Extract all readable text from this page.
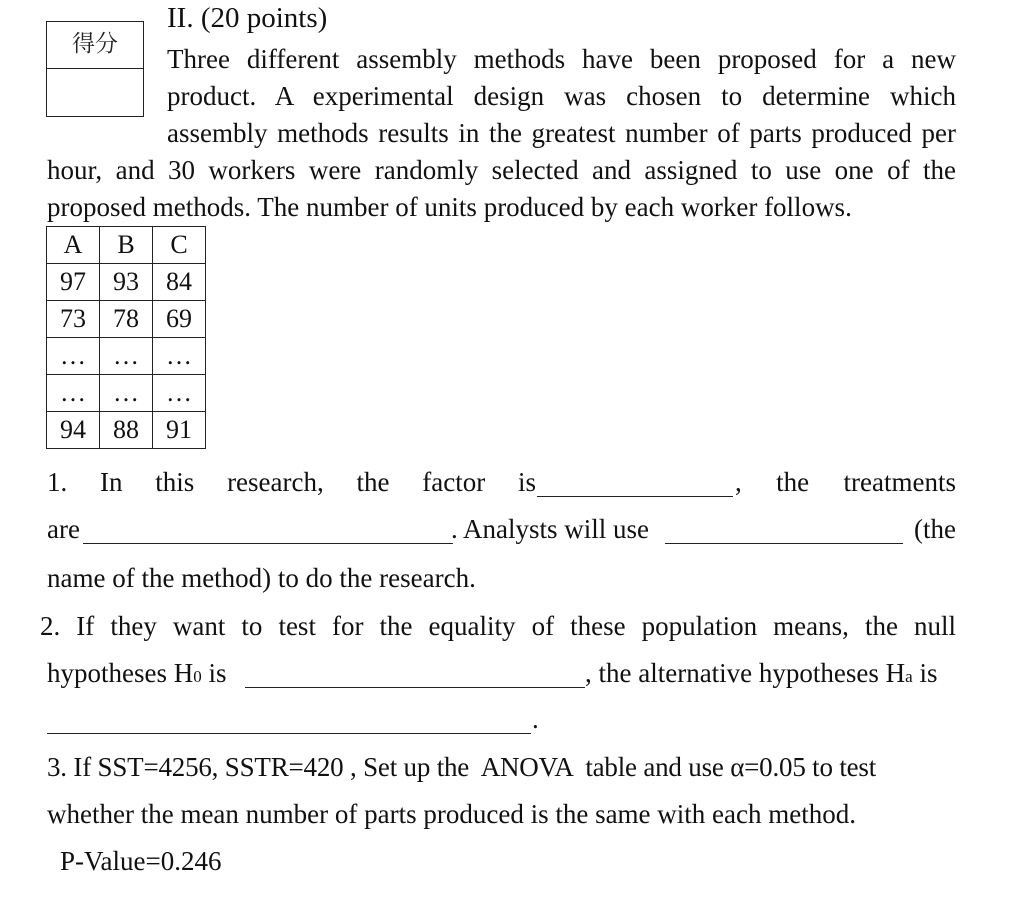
得分
II. (20 points)
Three different assembly methods have been proposed for a new
product. A experimental design was chosen to determine which
assembly methods results in the greatest number of parts produced per
hour, and 30 workers were randomly selected and assigned to use one of the
proposed methods. The number of units produced by each worker follows.
A	B	C
97	93	84
73	78	69
…	…	…
…	…	…
94	88	91
1. In this research, the factor is	, the treatments
are	. Analysts will use	(the
name of the method) to do the research.
2. If they want to test for the equality of these population means, the null
hypotheses H0 is	, the alternative hypotheses Ha is
.
3. If SST=4256, SSTR=420 , Set up the  ANOVA  table and use α=0.05 to test
whether the mean number of parts produced is the same with each method.
P-Value=0.246
